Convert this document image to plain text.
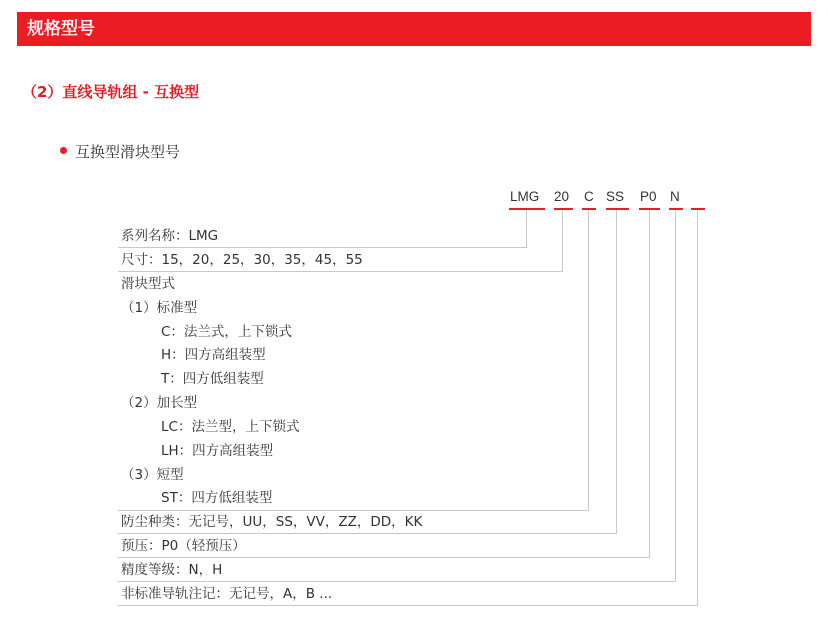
规格型号
（2）直线导轨组 - 互换型
互换型滑块型号
LMG 20 C SS P0 N
系列名称：LMG
尺寸：15，20，25，30，35，45，55
滑块型式
（1）标准型
C：法兰式，上下锁式
H：四方高组装型
T：四方低组装型
（2）加长型
LC：法兰型，上下锁式
LH：四方高组装型
（3）短型
ST：四方低组装型
防尘种类：无记号，UU，SS，VV，ZZ，DD，KK
预压：P0（轻预压）
精度等级：N，H
非标准导轨注记：无记号，A，B ...
